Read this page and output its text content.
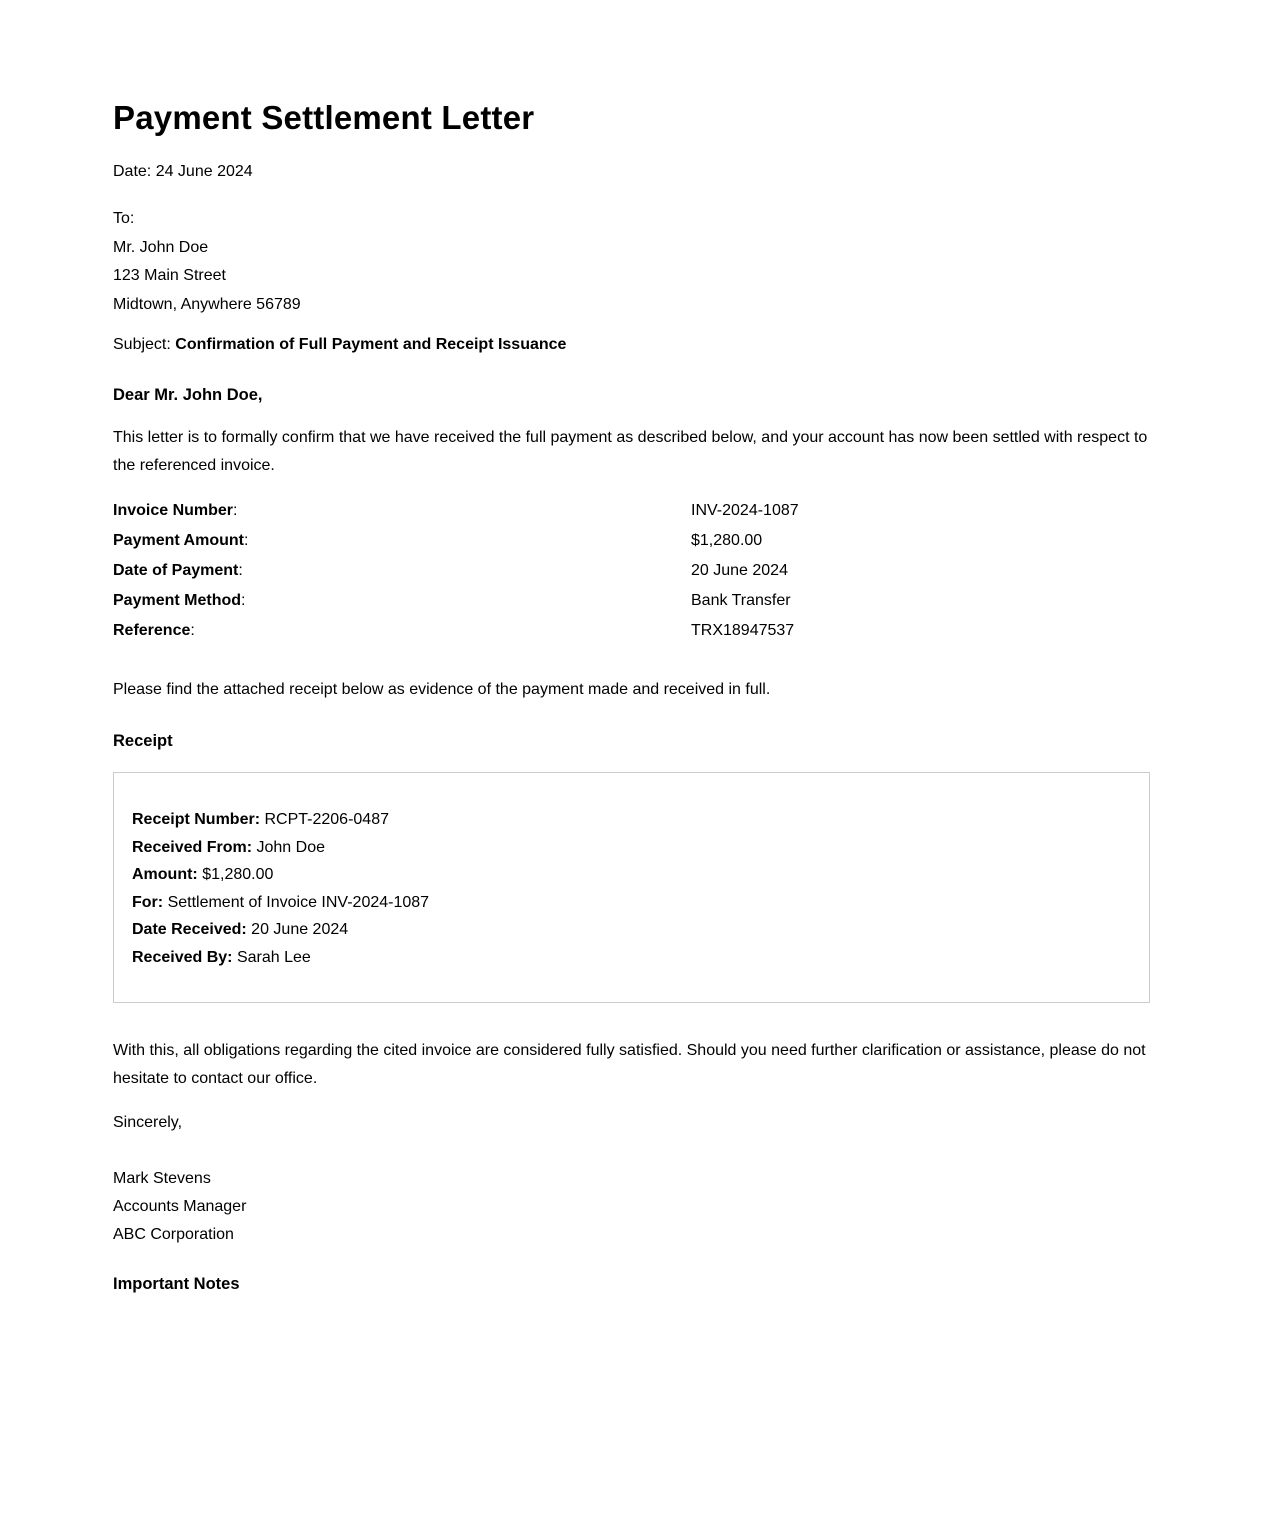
Payment Settlement Letter
Date: 24 June 2024
To:
Mr. John Doe
123 Main Street
Midtown, Anywhere 56789
Subject: Confirmation of Full Payment and Receipt Issuance
Dear Mr. John Doe,
This letter is to formally confirm that we have received the full payment as described below, and your account has now been settled with respect to the referenced invoice.
Invoice Number:	INV-2024-1087
Payment Amount:	$1,280.00
Date of Payment:	20 June 2024
Payment Method:	Bank Transfer
Reference:	TRX18947537
Please find the attached receipt below as evidence of the payment made and received in full.
Receipt
Receipt Number: RCPT-2206-0487
Received From: John Doe
Amount: $1,280.00
For: Settlement of Invoice INV-2024-1087
Date Received: 20 June 2024
Received By: Sarah Lee
With this, all obligations regarding the cited invoice are considered fully satisfied. Should you need further clarification or assistance, please do not hesitate to contact our office.
Sincerely,
Mark Stevens
Accounts Manager
ABC Corporation
Important Notes
